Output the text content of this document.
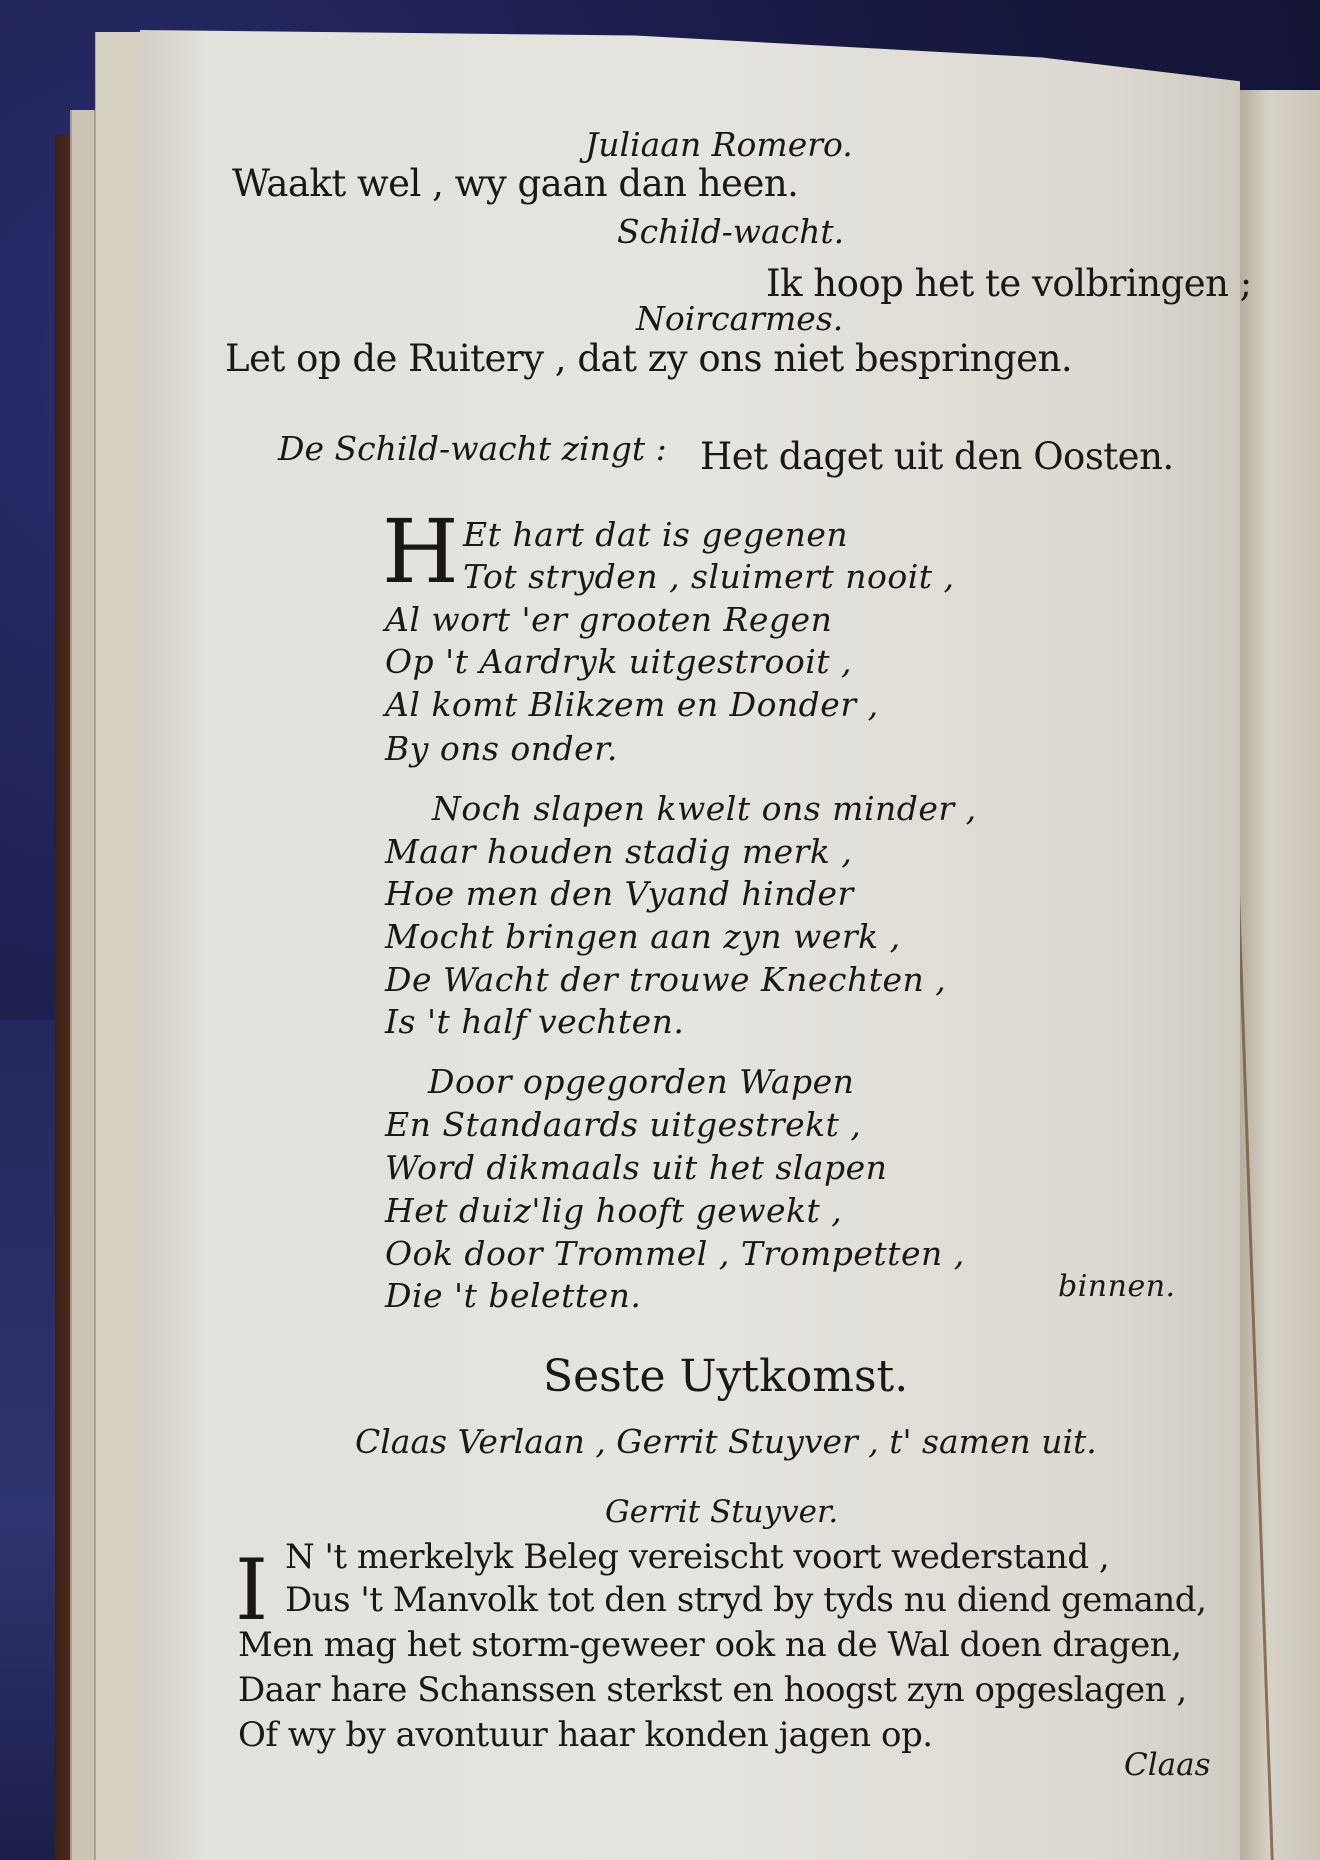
Juliaan Romero.
Waakt wel , wy gaan dan heen.
Schild-wacht.
Ik hoop het te volbringen ;
Noircarmes.
Let op de Ruitery , dat zy ons niet bespringen.
De Schild-wacht zingt : Het daget uit den Oosten.
H Et hart dat is gegenen
Tot stryden , sluimert nooit ,
Al wort 'er grooten Regen
Op 't Aardryk uitgestrooit ,
Al komt Blikzem en Donder ,
By ons onder.
Noch slapen kwelt ons minder ,
Maar houden stadig merk ,
Hoe men den Vyand hinder
Mocht bringen aan zyn werk ,
De Wacht der trouwe Knechten ,
Is 't half vechten.
Door opgegorden Wapen
En Standaards uitgestrekt ,
Word dikmaals uit het slapen
Het duiz'lig hooft gewekt ,
Ook door Trommel , Trompetten ,
Die 't beletten.	binnen.
Seste Uytkomst.
Claas Verlaan , Gerrit Stuyver , t' samen uit.
Gerrit Stuyver.
I N 't merkelyk Beleg vereischt voort wederstand ,
Dus 't Manvolk tot den stryd by tyds nu diend gemand,
Men mag het storm-geweer ook na de Wal doen dragen,
Daar hare Schanssen sterkst en hoogst zyn opgeslagen ,
Of wy by avontuur haar konden jagen op.
Claas
